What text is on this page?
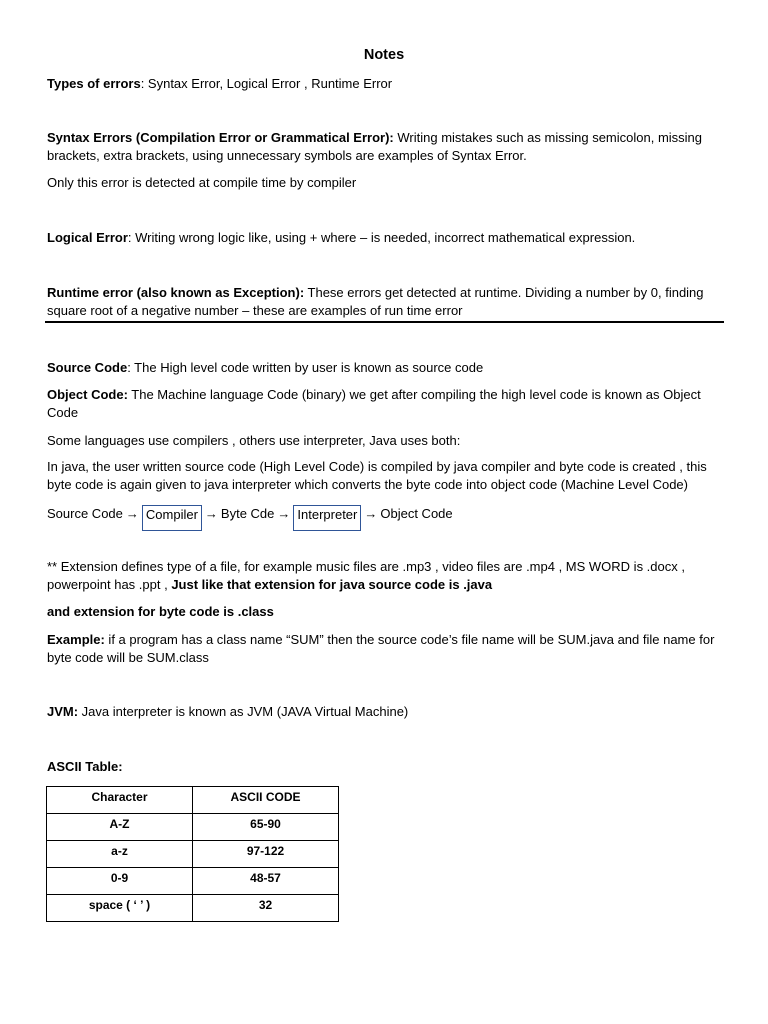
Notes

Types of errors: Syntax Error, Logical Error , Runtime Error

Syntax Errors (Compilation Error or Grammatical Error): Writing mistakes such as missing semicolon, missing brackets, extra brackets, using unnecessary symbols are examples of Syntax Error.

Only this error is detected at compile time by compiler

Logical Error: Writing wrong logic like, using + where – is needed, incorrect mathematical expression.

Runtime error (also known as Exception): These errors get detected at runtime. Dividing a number by 0, finding square root of a negative number – these are examples of run time error

Source Code: The High level code written by user is known as source code

Object Code: The Machine language Code (binary) we get after compiling the high level code is known as Object Code

Some languages use compilers , others use interpreter, Java uses both:

In java, the user written source code (High Level Code) is compiled by java compiler and byte code is created , this byte code is again given to java interpreter which converts the byte code into object code (Machine Level Code)

Source Code → Compiler → Byte Cde → Interpreter → Object Code

** Extension defines type of a file, for example music files are .mp3 , video files are .mp4 , MS WORD is .docx , powerpoint has .ppt , Just like that extension for java source code is .java

and extension for byte code is .class

Example: if a program has a class name “SUM” then the source code’s file name will be SUM.java and file name for byte code will be SUM.class

JVM: Java interpreter is known as JVM (JAVA Virtual Machine)

ASCII Table:

Character	ASCII CODE
A-Z	65-90
a-z	97-122
0-9	48-57
space ( ‘ ’ )	32
